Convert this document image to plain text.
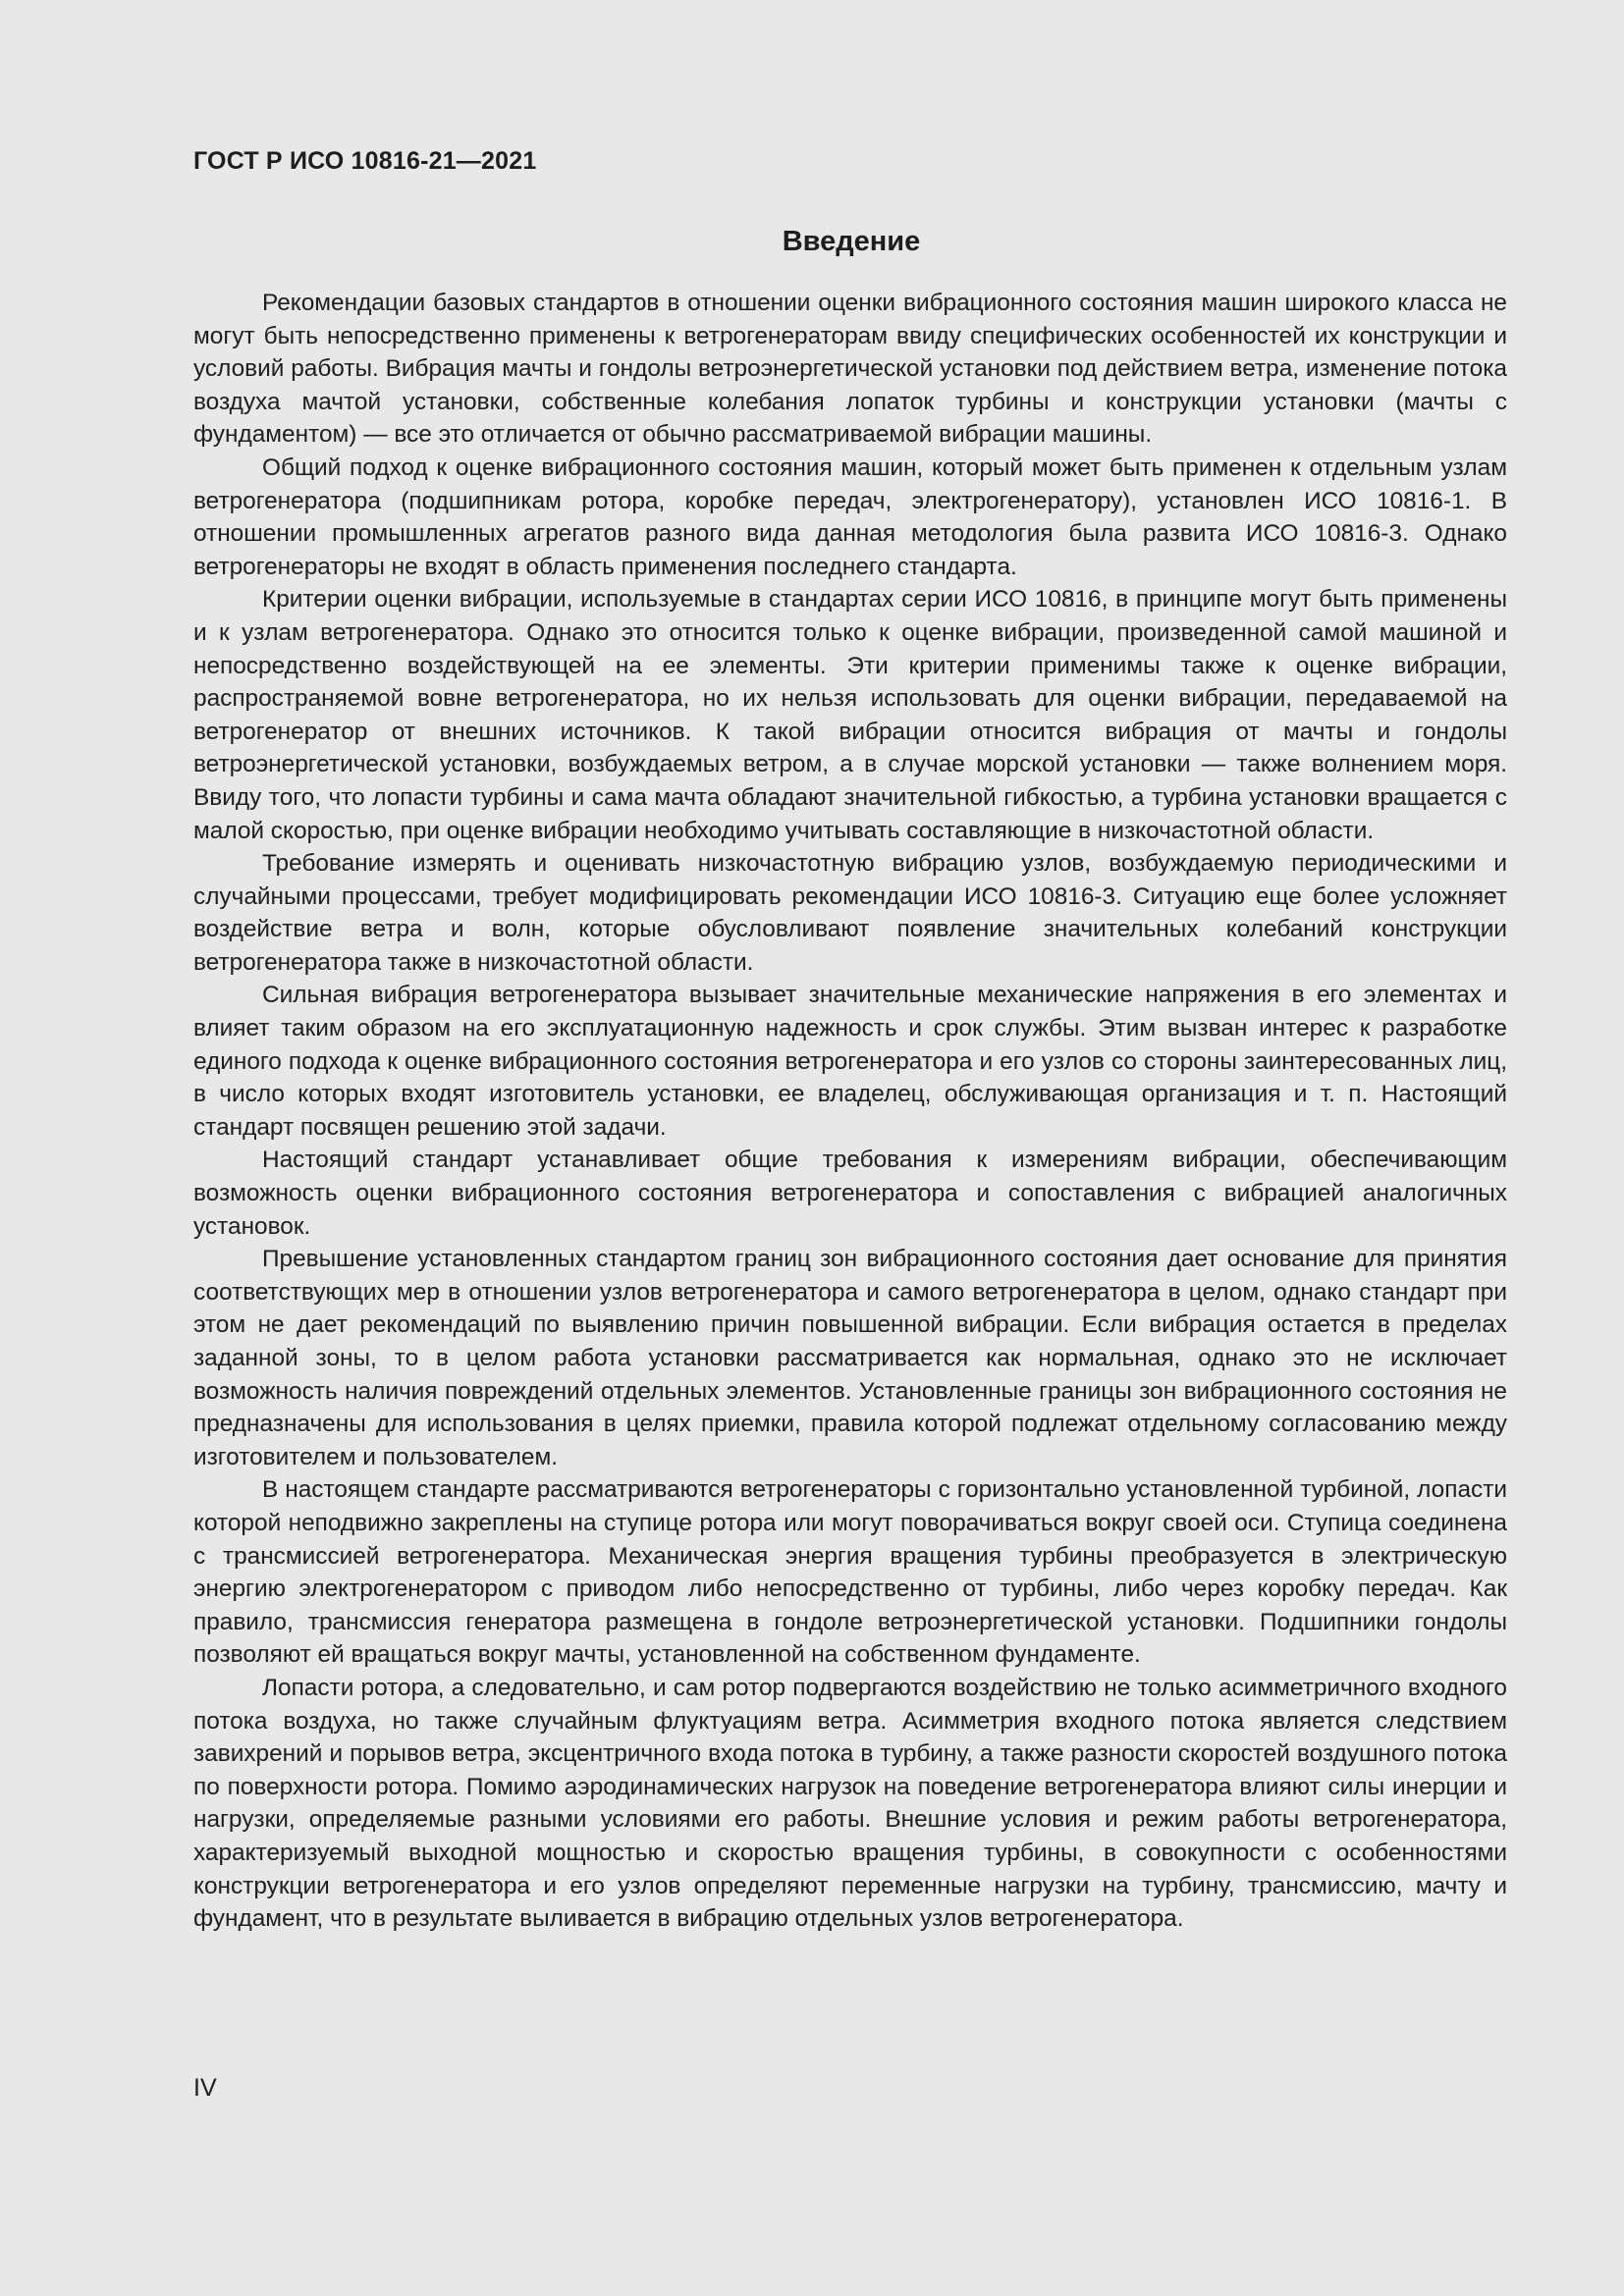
ГОСТ Р ИСО 10816-21—2021
Введение

Рекомендации базовых стандартов в отношении оценки вибрационного состояния машин широкого класса не могут быть непосредственно применены к ветрогенераторам ввиду специфических особенностей их конструкции и условий работы. Вибрация мачты и гондолы ветроэнергетической установки под действием ветра, изменение потока воздуха мачтой установки, собственные колебания лопаток турбины и конструкции установки (мачты с фундаментом) — все это отличается от обычно рассматриваемой вибрации машины.

Общий подход к оценке вибрационного состояния машин, который может быть применен к отдельным узлам ветрогенератора (подшипникам ротора, коробке передач, электрогенератору), установлен ИСО 10816-1. В отношении промышленных агрегатов разного вида данная методология была развита ИСО 10816-3. Однако ветрогенераторы не входят в область применения последнего стандарта.

Критерии оценки вибрации, используемые в стандартах серии ИСО 10816, в принципе могут быть применены и к узлам ветрогенератора. Однако это относится только к оценке вибрации, произведенной самой машиной и непосредственно воздействующей на ее элементы. Эти критерии применимы также к оценке вибрации, распространяемой вовне ветрогенератора, но их нельзя использовать для оценки вибрации, передаваемой на ветрогенератор от внешних источников. К такой вибрации относится вибрация от мачты и гондолы ветроэнергетической установки, возбуждаемых ветром, а в случае морской установки — также волнением моря. Ввиду того, что лопасти турбины и сама мачта обладают значительной гибкостью, а турбина установки вращается с малой скоростью, при оценке вибрации необходимо учитывать составляющие в низкочастотной области.

Требование измерять и оценивать низкочастотную вибрацию узлов, возбуждаемую периодическими и случайными процессами, требует модифицировать рекомендации ИСО 10816-3. Ситуацию еще более усложняет воздействие ветра и волн, которые обусловливают появление значительных колебаний конструкции ветрогенератора также в низкочастотной области.

Сильная вибрация ветрогенератора вызывает значительные механические напряжения в его элементах и влияет таким образом на его эксплуатационную надежность и срок службы. Этим вызван интерес к разработке единого подхода к оценке вибрационного состояния ветрогенератора и его узлов со стороны заинтересованных лиц, в число которых входят изготовитель установки, ее владелец, обслуживающая организация и т. п. Настоящий стандарт посвящен решению этой задачи.

Настоящий стандарт устанавливает общие требования к измерениям вибрации, обеспечивающим возможность оценки вибрационного состояния ветрогенератора и сопоставления с вибрацией аналогичных установок.

Превышение установленных стандартом границ зон вибрационного состояния дает основание для принятия соответствующих мер в отношении узлов ветрогенератора и самого ветрогенератора в целом, однако стандарт при этом не дает рекомендаций по выявлению причин повышенной вибрации. Если вибрация остается в пределах заданной зоны, то в целом работа установки рассматривается как нормальная, однако это не исключает возможность наличия повреждений отдельных элементов. Установленные границы зон вибрационного состояния не предназначены для использования в целях приемки, правила которой подлежат отдельному согласованию между изготовителем и пользователем.

В настоящем стандарте рассматриваются ветрогенераторы с горизонтально установленной турбиной, лопасти которой неподвижно закреплены на ступице ротора или могут поворачиваться вокруг своей оси. Ступица соединена с трансмиссией ветрогенератора. Механическая энергия вращения турбины преобразуется в электрическую энергию электрогенератором с приводом либо непосредственно от турбины, либо через коробку передач. Как правило, трансмиссия генератора размещена в гондоле ветроэнергетической установки. Подшипники гондолы позволяют ей вращаться вокруг мачты, установленной на собственном фундаменте.

Лопасти ротора, а следовательно, и сам ротор подвергаются воздействию не только асимметричного входного потока воздуха, но также случайным флуктуациям ветра. Асимметрия входного потока является следствием завихрений и порывов ветра, эксцентричного входа потока в турбину, а также разности скоростей воздушного потока по поверхности ротора. Помимо аэродинамических нагрузок на поведение ветрогенератора влияют силы инерции и нагрузки, определяемые разными условиями его работы. Внешние условия и режим работы ветрогенератора, характеризуемый выходной мощностью и скоростью вращения турбины, в совокупности с особенностями конструкции ветрогенератора и его узлов определяют переменные нагрузки на турбину, трансмиссию, мачту и фундамент, что в результате выливается в вибрацию отдельных узлов ветрогенератора.

IV
